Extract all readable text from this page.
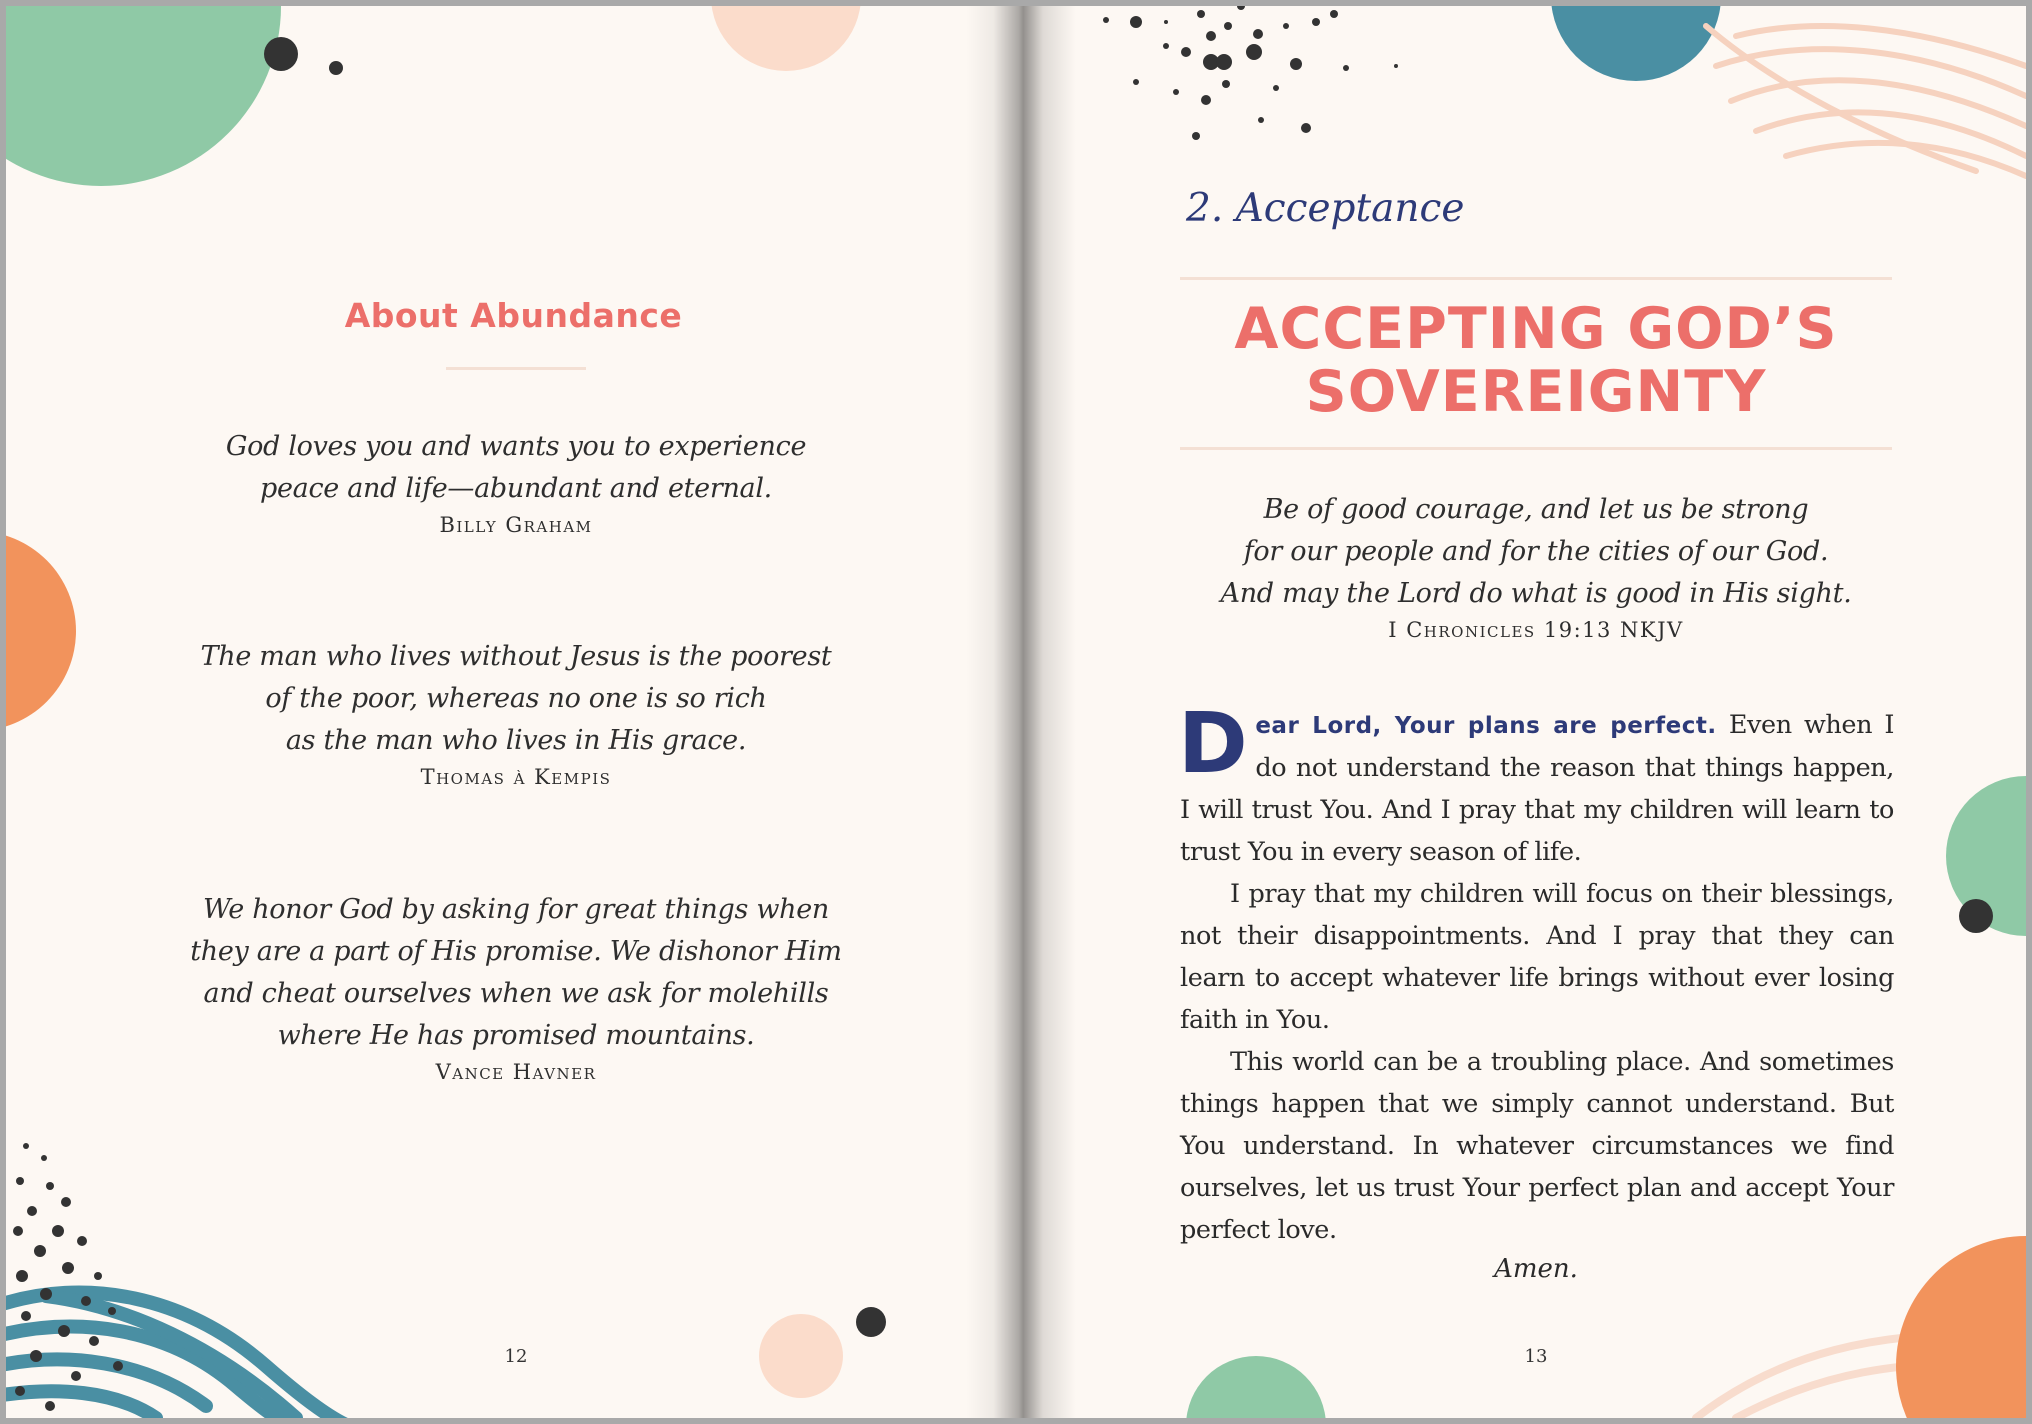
About Abundance
God loves you and wants you to experience
peace and life—abundant and eternal.
Billy Graham
The man who lives without Jesus is the poorest
of the poor, whereas no one is so rich
as the man who lives in His grace.
Thomas à Kempis
We honor God by asking for great things when
they are a part of His promise. We dishonor Him
and cheat ourselves when we ask for molehills
where He has promised mountains.
Vance Havner
12
2. Acceptance
ACCEPTING GOD’S
SOVEREIGNTY
Be of good courage, and let us be strong
for our people and for the cities of our God.
And may the Lord do what is good in His sight.
I Chronicles 19:13 NKJV

Dear Lord, Your plans are perfect. Even when I do not understand the reason that things happen, I will trust You. And I pray that my children will learn to trust You in every season of life.

I pray that my children will focus on their blessings, not their disappointments. And I pray that they can learn to accept whatever life brings without ever losing faith in You.

This world can be a troubling place. And sometimes things happen that we simply cannot understand. But You understand. In whatever circumstances we find ourselves, let us trust Your perfect plan and accept Your perfect love.

Amen.
13
